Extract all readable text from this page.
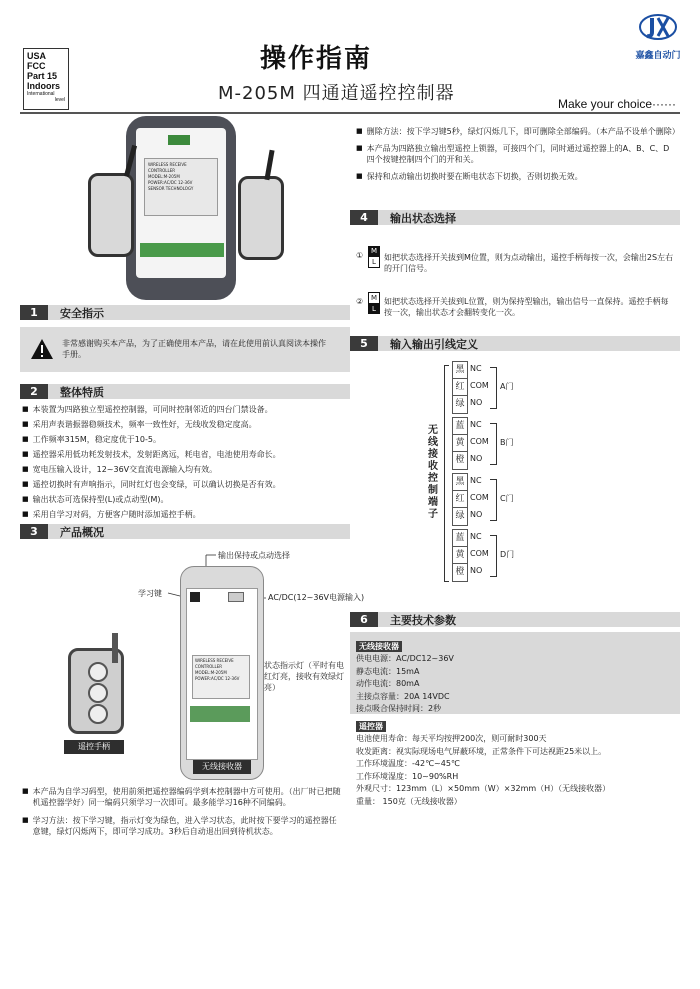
USA FCC
Part 15
Indoors
International
level
操作指南
M-205M 四通道遥控控制器	Make your choice······
嘉鑫自动门
WIRELESS RECEIVE CONTROLLER
MODEL:M-205M
POWER:AC/DC 12-36V
SENSOR TECHNOLOGY
1	安全指示
非常感谢购买本产品，为了正确使用本产品，请在此使用前认真阅读本操作手册。
2	整体特质
■ 本装置为四路独立型遥控控制器，可同时控制邻近的四台门禁设备。
■ 采用声表谐振器稳频技术，频率一致性好，无线收发稳定度高。
■ 工作频率315M，稳定度优于10-5。
■ 遥控器采用低功耗发射技术，发射距离远，耗电省，电池使用寿命长。
■ 宽电压输入设计，12~36V交直流电源输入均有效。
■ 遥控切换时有声响指示，同时红灯也会变绿，可以确认切换是否有效。
■ 输出状态可选保持型(L)或点动型(M)。
■ 采用自学习对码，方便客户随时添加遥控手柄。
3	产品概况
输出保持或点动选择
学习键	AC/DC(12~36V电源输入)
状态指示灯（平时有电红灯亮，接收有效绿灯亮）
WIRELESS RECEIVE CONTROLLER
MODEL:M-205M
POWER:AC/DC 12-36V
无线接收器
遥控手柄
■ 本产品为自学习码型，使用前须把遥控器编码学到本控制器中方可使用。（出厂时已把随机遥控器学好）同一编码只须学习一次即可。最多能学习16种不同编码。
■ 学习方法：按下学习键，指示灯变为绿色，进入学习状态，此时按下要学习的遥控器任意键，绿灯闪烁两下，即可学习成功。3秒后自动退出回到待机状态。
■ 删除方法：按下学习键5秒，绿灯闪烁几下，即可删除全部编码。（本产品不设单个删除）
■ 本产品为四路独立输出型遥控上锁器，可接四个门，同时通过遥控器上的A、B、C、D四个按键控制四个门的开和关。
■ 保持和点动输出切换时要在断电状态下切换，否则切换无效。
4	输出状态选择
①	M
L	如把状态选择开关拔到M位置，则为点动输出，遥控手柄每按一次，会输出2S左右的开门信号。
②	M
L
如把状态选择开关拔到L位置，则为保持型输出，输出信号一直保持。遥控手柄每按一次，输出状态才会翻转变化一次。
5	输入输出引线定义
无线接收控制端子
黑 NC
红 COM
绿 NO
A门
蓝 NC
黄 COM
橙 NO
B门
黑 NC
红 COM
绿 NO
C门
蓝 NC
黄 COM
橙 NO
D门
6	主要技术参数
无线接收器
供电电源：AC/DC12~36V
静态电流：15mA
动作电流：80mA
主接点容量：20A 14VDC
接点吸合保持时间：2秒
遥控器
电池使用寿命：每天平均按押200次，则可耐时300天
收发距离：视实际现场电气屏蔽环境，正常条件下可达视距25米以上。
工作环境温度：-42℃~45℃
工作环境湿度：10~90%RH
外观尺寸：123mm（L）×50mm（W）×32mm（H）（无线接收器）
重量： 150克（无线接收器）
